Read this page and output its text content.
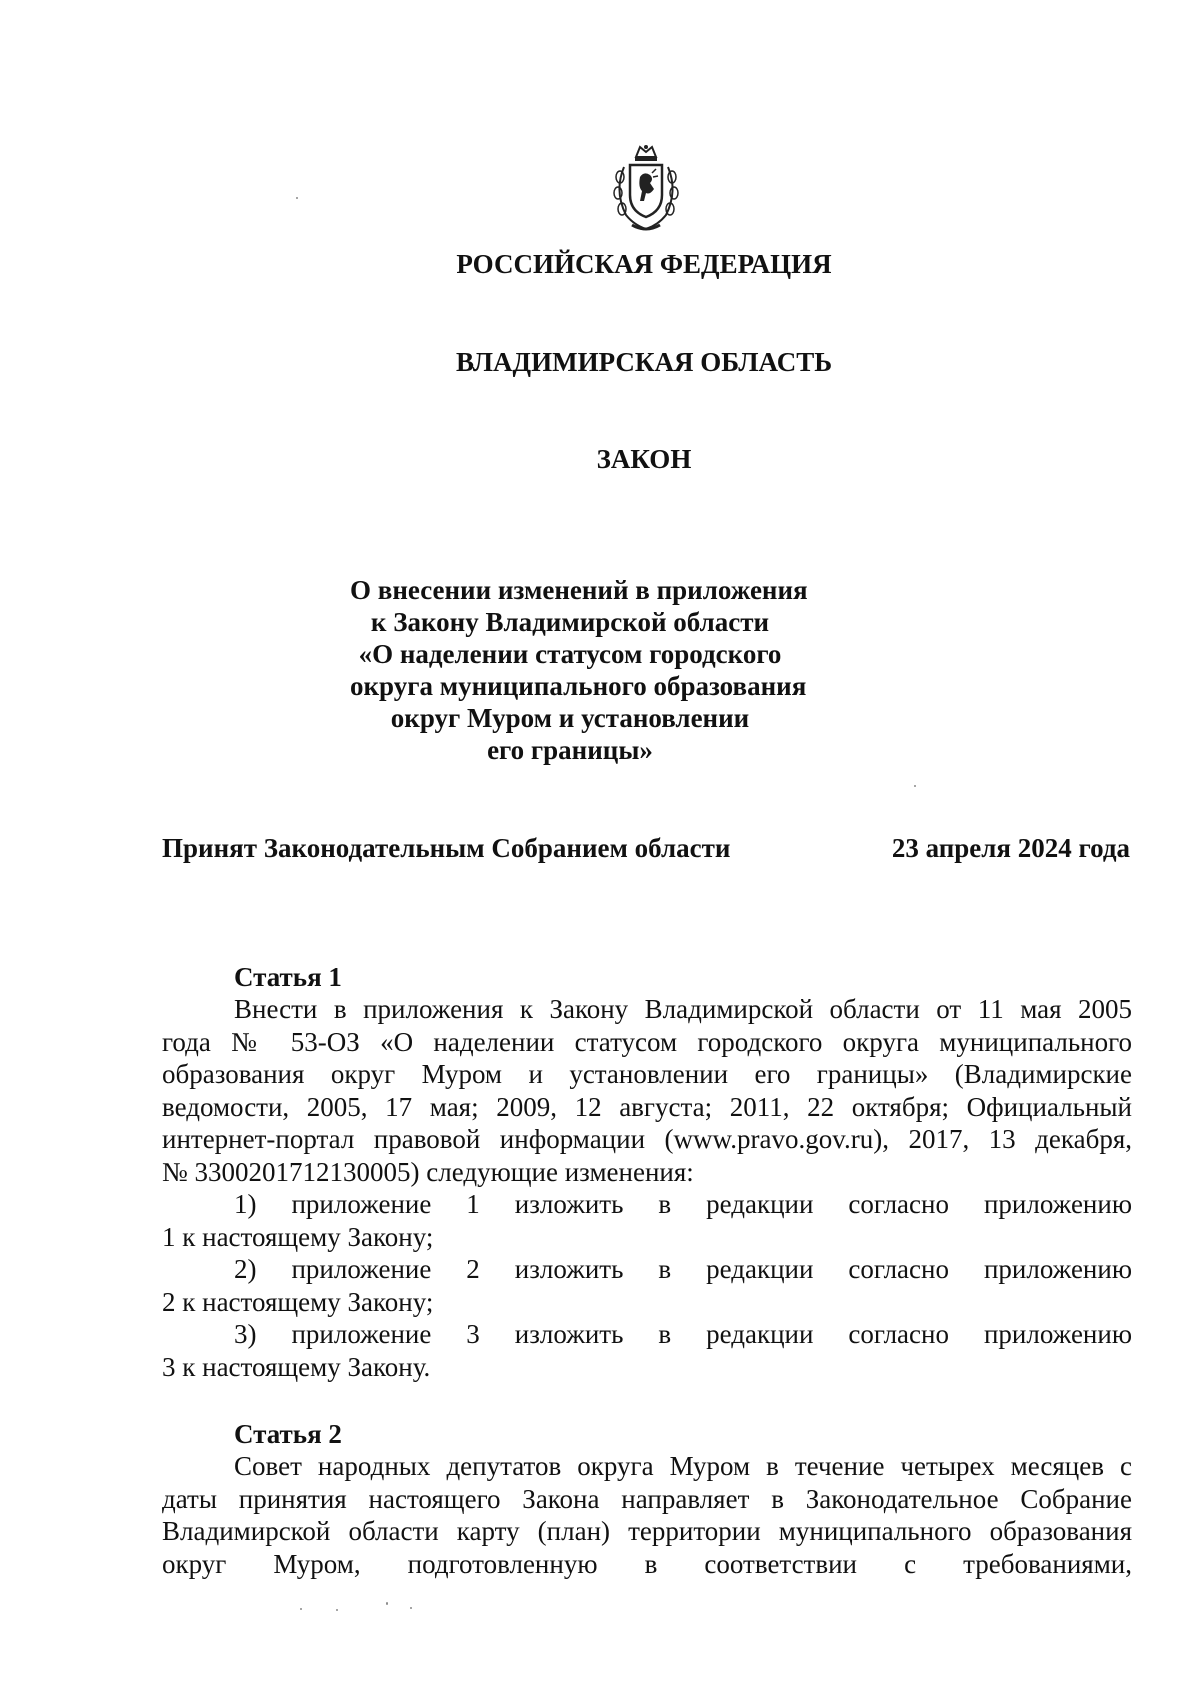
РОССИЙСКАЯ ФЕДЕРАЦИЯ
ВЛАДИМИРСКАЯ ОБЛАСТЬ
ЗАКОН
О внесении изменений в приложения
к Закону Владимирской области
«О наделении статусом городского
округа муниципального образования
округ Муром и установлении
его границы»
Принят Законодательным Собранием области	23 апреля 2024 года
Статья 1
Внести в приложения к Закону Владимирской области от 11 мая 2005
года № 53-ОЗ «О наделении статусом городского округа муниципального
образования округ Муром и установлении его границы» (Владимирские
ведомости, 2005, 17 мая; 2009, 12 августа; 2011, 22 октября; Официальный
интернет-портал правовой информации (www.pravo.gov.ru), 2017, 13 декабря,
№ 3300201712130005) следующие изменения:
1) приложение 1 изложить в редакции согласно приложению
1 к настоящему Закону;
2) приложение 2 изложить в редакции согласно приложению
2 к настоящему Закону;
3) приложение 3 изложить в редакции согласно приложению
3 к настоящему Закону.
Статья 2
Совет народных депутатов округа Муром в течение четырех месяцев с
даты принятия настоящего Закона направляет в Законодательное Собрание
Владимирской области карту (план) территории муниципального образования
округ Муром, подготовленную в соответствии с требованиями,
